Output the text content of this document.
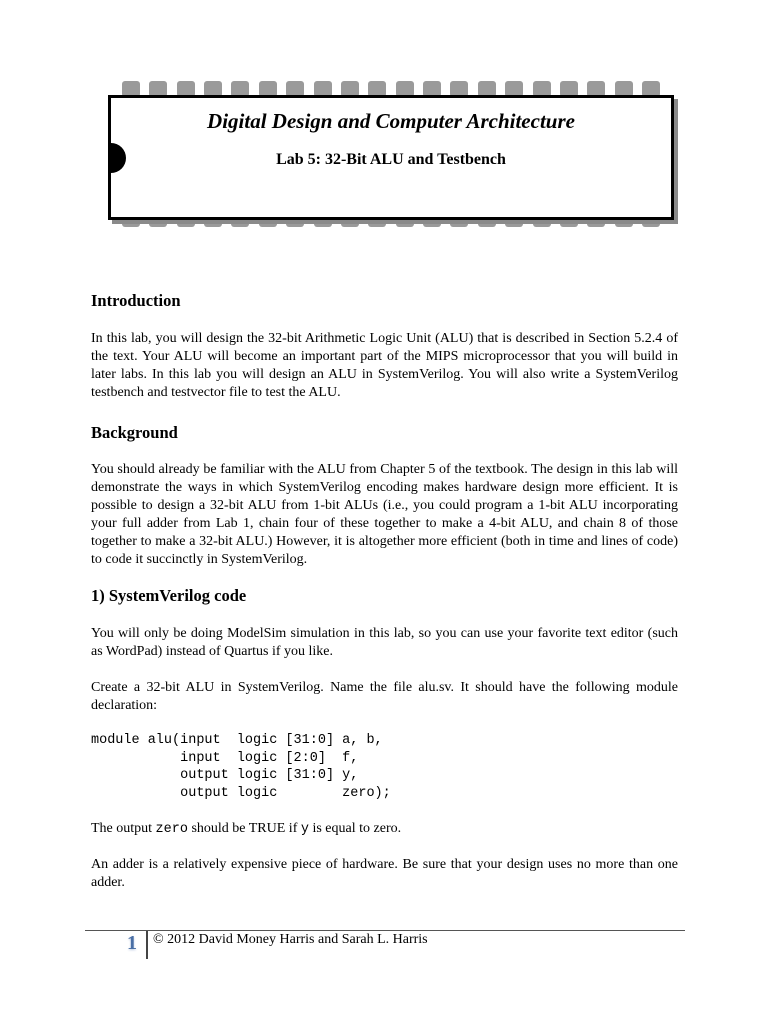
Digital Design and Computer Architecture
Lab 5: 32-Bit ALU and Testbench
Introduction

In this lab, you will design the 32-bit Arithmetic Logic Unit (ALU) that is described in Section 5.2.4 of the text. Your ALU will become an important part of the MIPS microprocessor that you will build in later labs. In this lab you will design an ALU in SystemVerilog. You will also write a SystemVerilog testbench and testvector file to test the ALU.

Background

You should already be familiar with the ALU from Chapter 5 of the textbook. The design in this lab will demonstrate the ways in which SystemVerilog encoding makes hardware design more efficient. It is possible to design a 32-bit ALU from 1-bit ALUs (i.e., you could program a 1-bit ALU incorporating your full adder from Lab 1, chain four of these together to make a 4-bit ALU, and chain 8 of those together to make a 32-bit ALU.) However, it is altogether more efficient (both in time and lines of code) to code it succinctly in SystemVerilog.

1) SystemVerilog code

You will only be doing ModelSim simulation in this lab, so you can use your favorite text editor (such as WordPad) instead of Quartus if you like.

Create a 32-bit ALU in SystemVerilog. Name the file alu.sv. It should have the following module declaration:

module alu(input  logic [31:0] a, b,
input  logic [2:0]  f,
output logic [31:0] y,
output logic        zero);

The output zero should be TRUE if y is equal to zero.

An adder is a relatively expensive piece of hardware. Be sure that your design uses no more than one adder.

1 © 2012 David Money Harris and Sarah L. Harris
